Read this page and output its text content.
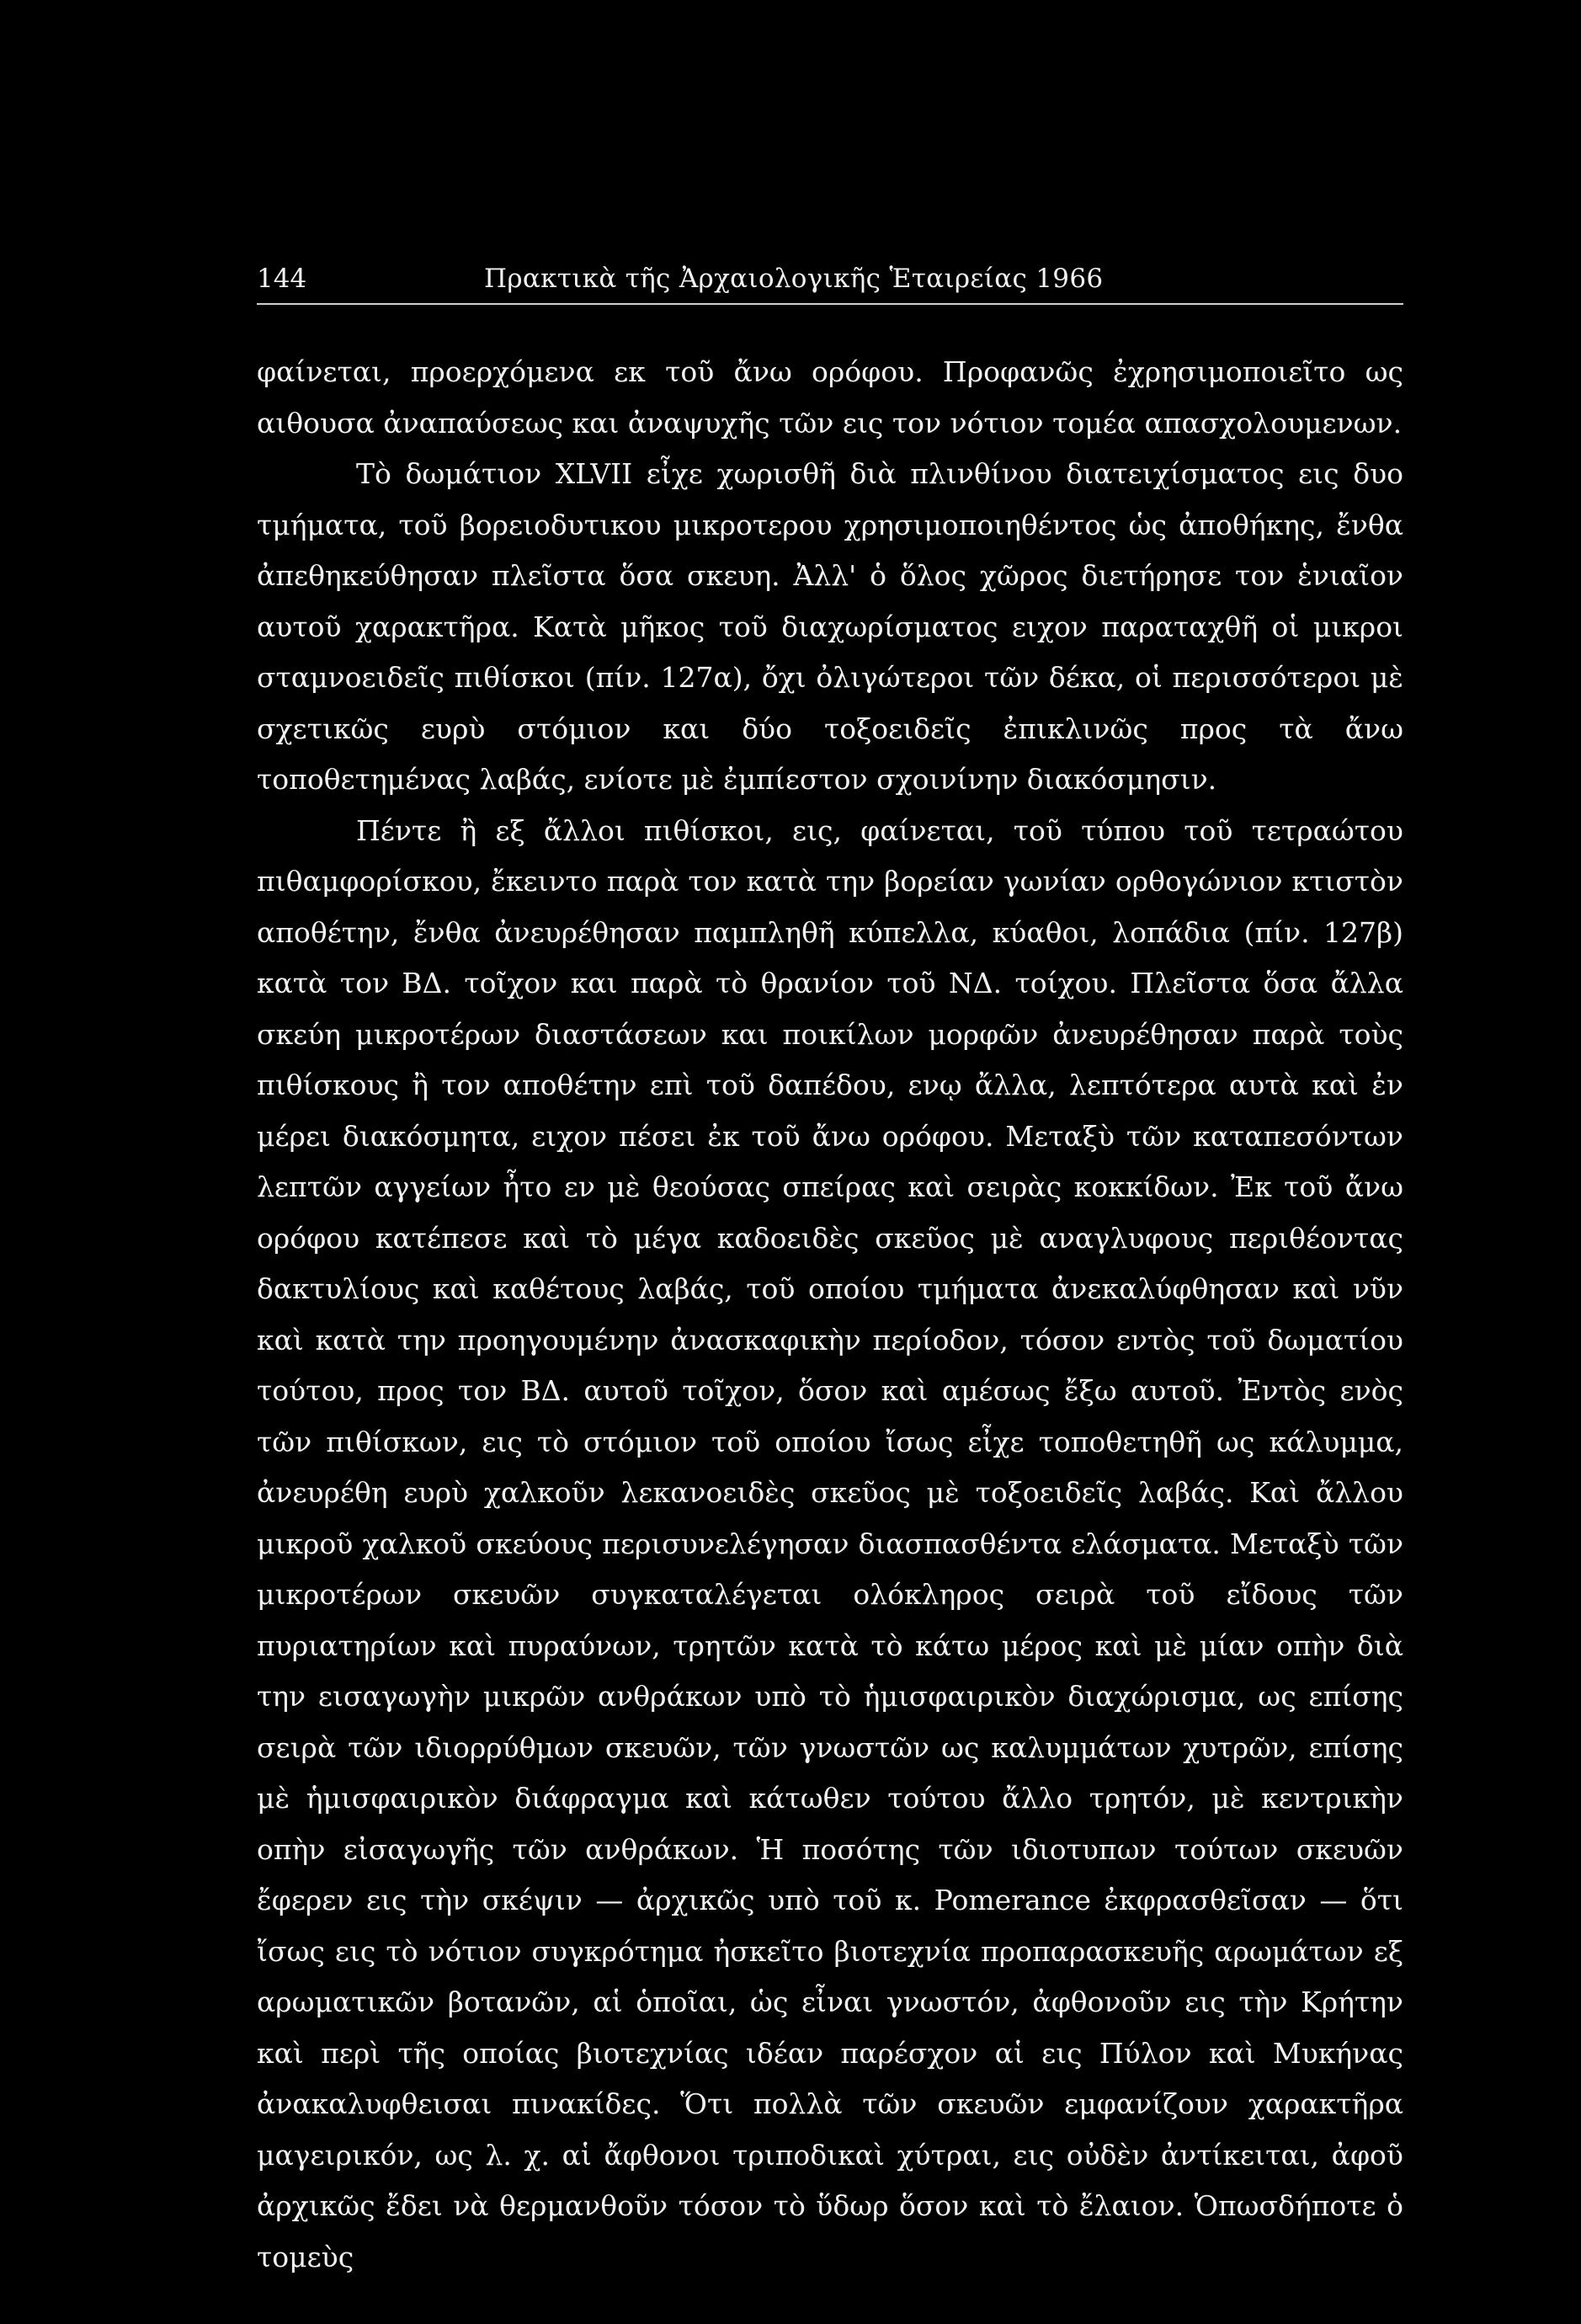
144	Πρακτικὰ τῆς Ἀρχαιολογικῆς Ἑταιρείας 1966

φαίνεται, προερχόμενα εκ τοῦ ἄνω ορόφου. Προφανῶς ἐχρησιμοποιεῖτο ως αιθουσα ἀναπαύσεως και ἀναψυχῆς τῶν εις τον νότιον τομέα απασχολουμενων.

Τὸ δωμάτιον XLVII εἶχε χωρισθῆ διὰ πλινθίνου διατειχίσματος εις δυο τμήματα, τοῦ βορειοδυτικου μικροτερου χρησιμοποιηθέντος ὡς ἀποθήκης, ἔνθα ἀπεθηκεύθησαν πλεῖστα ὅσα σκευη. Ἀλλ' ὁ ὅλος χῶρος διετήρησε τον ἑνιαῖον αυτοῦ χαρακτῆρα. Κατὰ μῆκος τοῦ διαχωρίσματος ειχον παραταχθῆ οἱ μικροι σταμνοειδεῖς πιθίσκοι (πίν. 127α), ὄχι ὀλιγώτεροι τῶν δέκα, οἱ περισσότεροι μὲ σχετικῶς ευρὺ στόμιον και δύο τοξοειδεῖς ἐπικλινῶς προς τὰ ἄνω τοποθετημένας λαβάς, ενίοτε μὲ ἐμπίεστον σχοινίνην διακόσμησιν.

Πέντε ἢ εξ ἄλλοι πιθίσκοι, εις, φαίνεται, τοῦ τύπου τοῦ τετραώτου πιθαμφορίσκου, ἔκειντο παρὰ τον κατὰ την βορείαν γωνίαν ορθογώνιον κτιστὸν αποθέτην, ἔνθα ἀνευρέθησαν παμπληθῆ κύπελλα, κύαθοι, λοπάδια (πίν. 127β) κατὰ τον ΒΔ. τοῖχον και παρὰ τὸ θρανίον τοῦ ΝΔ. τοίχου. Πλεῖστα ὅσα ἄλλα σκεύη μικροτέρων διαστάσεων και ποικίλων μορφῶν ἀνευρέθησαν παρὰ τοὺς πιθίσκους ἢ τον αποθέτην επὶ τοῦ δαπέδου, ενῳ ἄλλα, λεπτότερα αυτὰ καὶ ἐν μέρει διακόσμητα, ειχον πέσει ἐκ τοῦ ἄνω ορόφου. Μεταξὺ τῶν καταπεσόντων λεπτῶν αγγείων ἦτο εν μὲ θεούσας σπείρας καὶ σειρὰς κοκκίδων. Ἐκ τοῦ ἄνω ορόφου κατέπεσε καὶ τὸ μέγα καδοειδὲς σκεῦος μὲ αναγλυφους περιθέοντας δακτυλίους καὶ καθέτους λαβάς, τοῦ οποίου τμήματα ἀνεκαλύφθησαν καὶ νῦν καὶ κατὰ την προηγουμένην ἀνασκαφικὴν περίοδον, τόσον εντὸς τοῦ δωματίου τούτου, προς τον ΒΔ. αυτοῦ τοῖχον, ὅσον καὶ αμέσως ἔξω αυτοῦ. Ἐντὸς ενὸς τῶν πιθίσκων, εις τὸ στόμιον τοῦ οποίου ἴσως εἶχε τοποθετηθῆ ως κάλυμμα, ἀνευρέθη ευρὺ χαλκοῦν λεκανοειδὲς σκεῦος μὲ τοξοειδεῖς λαβάς. Καὶ ἄλλου μικροῦ χαλκοῦ σκεύους περισυνελέγησαν διασπασθέντα ελάσματα. Μεταξὺ τῶν μικροτέρων σκευῶν συγκαταλέγεται ολόκληρος σειρὰ τοῦ εἴδους τῶν πυριατηρίων καὶ πυραύνων, τρητῶν κατὰ τὸ κάτω μέρος καὶ μὲ μίαν οπὴν διὰ την εισαγωγὴν μικρῶν ανθράκων υπὸ τὸ ἡμισφαιρικὸν διαχώρισμα, ως επίσης σειρὰ τῶν ιδιορρύθμων σκευῶν, τῶν γνωστῶν ως καλυμμάτων χυτρῶν, επίσης μὲ ἡμισφαιρικὸν διάφραγμα καὶ κάτωθεν τούτου ἄλλο τρητόν, μὲ κεντρικὴν οπὴν εἰσαγωγῆς τῶν ανθράκων. Ἡ ποσότης τῶν ιδιοτυπων τούτων σκευῶν ἔφερεν εις τὴν σκέψιν — ἀρχικῶς υπὸ τοῦ κ. Pomerance ἐκφρασθεῖσαν — ὅτι ἴσως εις τὸ νότιον συγκρότημα ἠσκεῖτο βιοτεχνία προπαρασκευῆς αρωμάτων εξ αρωματικῶν βοτανῶν, αἱ ὁποῖαι, ὡς εἶναι γνωστόν, ἀφθονοῦν εις τὴν Κρήτην καὶ περὶ τῆς οποίας βιοτεχνίας ιδέαν παρέσχον αἱ εις Πύλον καὶ Μυκήνας ἀνακαλυφθεισαι πινακίδες. Ὅτι πολλὰ τῶν σκευῶν εμφανίζουν χαρακτῆρα μαγειρικόν, ως λ. χ. αἱ ἄφθονοι τριποδικαὶ χύτραι, εις οὐδὲν ἀντίκειται, ἀφοῦ ἀρχικῶς ἔδει νὰ θερμανθοῦν τόσον τὸ ὕδωρ ὅσον καὶ τὸ ἔλαιον. Ὁπωσδήποτε ὁ τομεὺς
